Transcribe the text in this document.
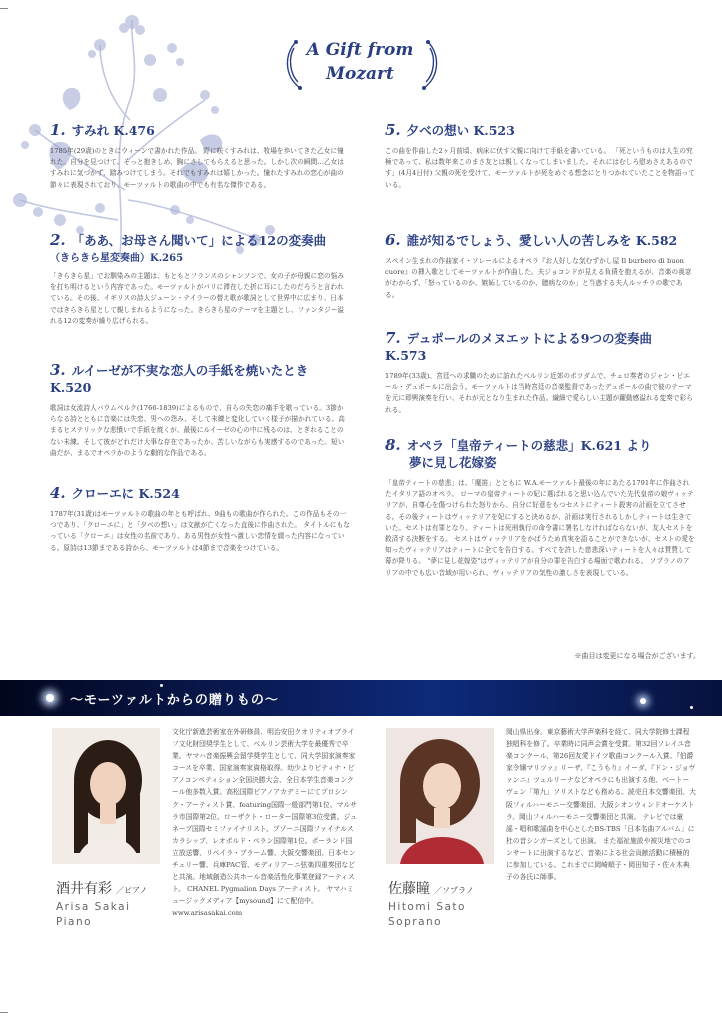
A Gift from
Mozart
1. すみれ K.476
1785年(29歳)のときにウィーンで書かれた作品。 野に咲くすみれは、牧場を歩いてきた乙女に憧れた。自分を見つけて、そっと抱きしめ、胸にさしてもらえると思った。しかし次の瞬間…乙女はすみれに気づかず、踏みつけてしまう。それでもすみれは嬉しかった。憧れたすみれの恋心が曲の節々に表現されており、モーツァルトの歌曲の中でも有名な傑作である。
2. 「ああ、お母さん聞いて」による12の変奏曲
（きらきら星変奏曲）K.265
「きらきら星」でお馴染みの主題は、もともとフランスのシャンソンで、女の子が母親に恋の悩みを打ち明けるという内容であった。モーツァルトがパリに滞在した折に耳にしたのだろうと言われている。その後、イギリスの詩人ジェーン・テイラーの替え歌が歌詞として世界中に広まり、日本ではきらきら星として親しまれるようになった。きらきら星のテーマを主題とし、ファンタジー溢れる12の変奏が繰り広げられる。
3. ルイーゼが不実な恋人の手紙を焼いたとき K.520
歌詞は女流詩人バウムベルク(1766-1839)によるもので、自らの失恋の痛手を歌っている。3節からなる詩とともに音楽には失恋、男への怨み、そして未練と変化していく様子が描かれている。高まるヒステリックな悲憤いで手紙を焼くが、最後にルイーゼの心の中に残るのは、とぎれることのない未練。そして彼がどれだけ大事な存在であったか、苦しいながらも実感するのであった。短い曲だが、まるでオペラかのような劇的な作品である。
4. クローエに K.524
1787年(31歳)はモーツァルトの歌曲の年とも呼ばれ、9曲もの歌曲が作られた。この作品もその一つであり、「クローエに」と「夕べの想い」は文献が亡くなった直後に作曲された。 タイトルにもなっている「クローエ」は女性の名前であり、ある男性が女性へ激しい恋情を綴った内容になっている。原詩は13節まである詩から、モーツァルトは4節まで音楽をつけている。
5. 夕べの想い K.523
この曲を作曲した2ヶ月前頃、病床に伏す父親に向けて手紙を書いている。 「死というものは人生の究極であって、私は数年来このまさ友とは親しくなってしまいました。それにはむしろ慰めさえあるのです」(4月4日付) 父親の死を受けて、モーツァルトが死をめぐる想念にとりつかれていたことを物語っている。
6. 誰が知るでしょう、愛しい人の苦しみを K.582
スペイン生まれの作曲家イ・ソレールによるオペラ『お人好しな気むずかし屋 Il burbero di buon cuore』の挿入歌としてモーツァルトが作曲した。夫ジョコンドが見える負債を抱えるが、音楽の喪窓がわからず、「怒っているのか、嫉妬しているのか、臆病なのか」と当惑する夫人ルッチラの歌である。
7. デュポールのメヌエットによる9つの変奏曲 K.573
1789年(33歳)、宮廷への求職のために訪れたベルリン近郊のポツダムで、チェロ奏者のジャン・ピエール・デュポールに出会う。モーツァルトは当時宮廷の音楽監督であったデュポールの曲で彼のテーマを元に即興演奏を行い、それが元となり生まれた作品。繊細で愛らしい主題が躍動感溢れる変奏で彩られる。
8. オペラ「皇帝ティートの慈悲」K.621 より
夢に見し花嫁姿
「皇帝ティートの慈悲」は、「魔笛」とともに W.A.モーツァルト最後の年にあたる1791年に作曲されたイタリア語のオペラ。 ローマの皇帝ティートの妃に選ばれると思い込んでいた先代皇帝の娘ヴィッテリアが、自尊心を傷つけられた怒りから、自分に好意をもつセストにティート殺害の計画を立てさせる。その後ティートはヴィッテリアを妃にすると決めるが、計画は実行されるしかしティートは生きていた。セストは有罪となり、ティートは死刑執行の命令書に署名しなければならないが、友人セストを救済する決断をする。 セストはヴィッテリアをかばうため真実を語ることができないが、セストの愛を知ったヴィッテリアはティートに全てを告白する。すべてを許した慈悲深いティートを人々は賛賛して幕が降りる。 "夢に見し花嫁姿"はヴィッテリアが自分の罪を告白する場面で歌われる。 ソプラノのアリアの中でも広い音域が用いられ、ヴィッテリアの気性の激しさを表現している。
※曲目は変更になる場合がございます。
～モーツァルトからの贈りもの～
酒井有彩 ／ピアノ
Arisa Sakai
Piano
文化庁新進芸術家在外研修員、明治安田クオリティオブライフ文化財団奨学生として、ベルリン芸術大学を最優秀で卒業。ヤマハ音楽振興会留学奨学生として、同大学国家演奏家コースを卒業、国家演奏家資格取得。幼少よりピティナ・ピアノコンペティション全国決勝大会、全日本学生音楽コンクール他多数入賞。高松国際ピアノアカデミーにてプロシンク・アーティスト賞、featuring国際一般部門第1位、マルサラ市国際第2位、ローザクト・ローター国際第3位受賞。ジュネーブ国際セミファイナリスト。ブゾーニ国際ファイナルスカラシップ、レオポルド・ベラン国際第1位。ポーランド国立放送響、リベイラ・ブラーム響、大阪交響楽団、日本センチュリー響、兵庫PAC管、モディリアーニ弦楽四重奏団などと共演。地域創造公共ホール音楽活性化事業登録アーティスト。 CHANEL Pygmalion Days アーティスト。 ヤマハミュージックメディア【mysound】にて配信中。 www.arisasakai.com
佐藤瞳 ／ソプラノ
Hitomi Sato
Soprano
岡山県出身。東京藝術大学声楽科を経て、同大学院修士課程独唱科を修了。卒業時に同声会賞を受賞。第32回ソレイユ音楽コンクール、第26回友愛ドイツ歌曲コンクール入賞。『伯爵家令嬢マリツァ』リーザ、『こうもり』イーダ、『ドン・ジョヴァンニ』ツェルリーナなどオペラにも出演する他、ベートーヴェン「第九」ソリストなども務める。読売日本交響楽団、大阪フィルハーモニー交響楽団、大阪シオンウィンドオーケストラ、岡山フィルハーモニー交響楽団と共演。 テレビでは童謡・唱和歌謡曲を中心としたBS-TBS「日本名曲アルバム」に杜の音シンガーズとして出演。 また福祉施設や被災地でのコンサートに出演するなど、音楽による社会貢献活動に積極的に参加している。これまでに岡崎順子・岡田知子・佐々木典子の各氏に師事。
